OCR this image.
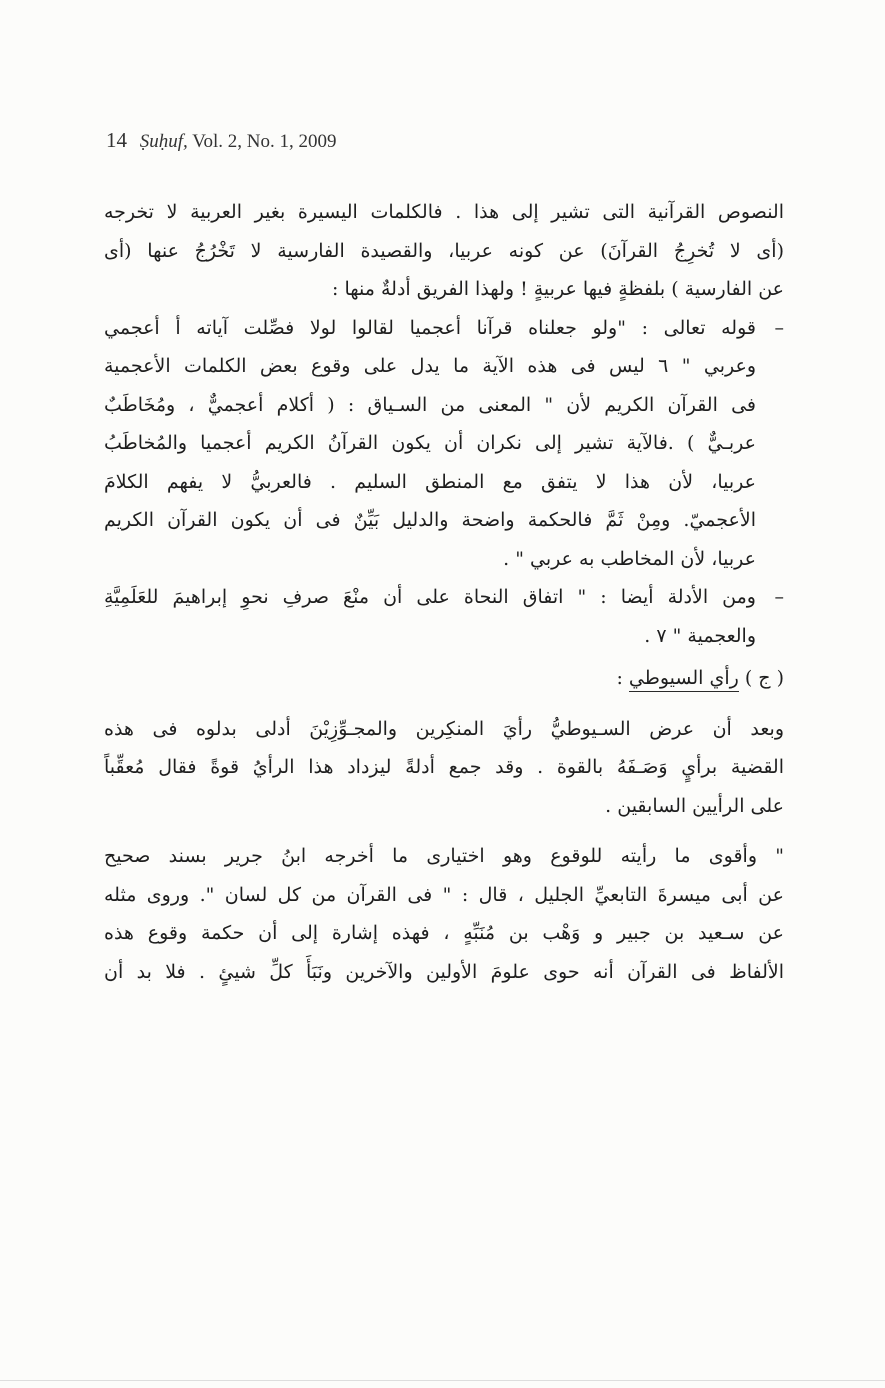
14 Ṣuḥuf, Vol. 2, No. 1, 2009
النصوص القرآنية التى تشير إلى هذا . فالكلمات اليسيرة بغير العربية لا تخرجه
(أى لا تُخرِجُ القرآنَ) عن كونه عربيا، والقصيدة الفارسية لا تَخْرُجُ عنها (أى
عن الفارسية ) بلفظةٍ فيها عربيةٍ ! ولهذا الفريق أدلةٌ منها :
–
قوله تعالى : "ولو جعلناه قرآنا أعجميا لقالوا لولا فصِّلت آياته أ أعجمي
وعربي " ٦ ليس فى هذه الآية ما يدل على وقوع بعض الكلمات الأعجمية
فى القرآن الكريم لأن " المعنى من السـياق : ( أكلام أعجميٌّ ، ومُخَاطَبٌ
عربـيٌّ ) .فالآية تشير إلى نكران أن يكون القرآنُ الكريم أعجميا والمُخاطَبُ
عربيا، لأن هذا لا يتفق مع المنطق السليم . فالعربيُّ لا يفهم الكلامَ
الأعجميّ. ومِنْ ثَمَّ فالحكمة واضحة والدليل بَيِّنٌ فى أن يكون القرآن الكريم
عربيا، لأن المخاطب به عربي " .
–
ومن الأدلة أيضا : " اتفاق النحاة على أن منْعَ صرفِ نحوِ إبراهيمَ للعَلَمِيَّةِ
والعجمية " ٧ .
( ج ) رأي السيوطي :
وبعد أن عرض السـيوطيُّ رأيَ المنكِرين والمجـوِّزِيْنَ أدلى بدلوه فى هذه
القضية برأيٍ وَصَـفَهُ بالقوة . وقد جمع أدلةً ليزداد هذا الرأيُ قوةً فقال مُعقِّباً
على الرأيين السابقين .
" وأقوى ما رأيته للوقوع وهو اختيارى ما أخرجه ابنُ جرير بسند صحيح
عن أبى ميسرةَ التابعيِّ الجليل ، قال : " فى القرآن من كل لسان ". وروى مثله
عن سـعيد بن جبير و وَهْب بن مُنَبِّهٍ ، فهذه إشارة إلى أن حكمة وقوع هذه
الألفاظ فى القرآن أنه حوى علومَ الأولين والآخرين ونَبَأَ كلِّ شيئٍ . فلا بد أن
